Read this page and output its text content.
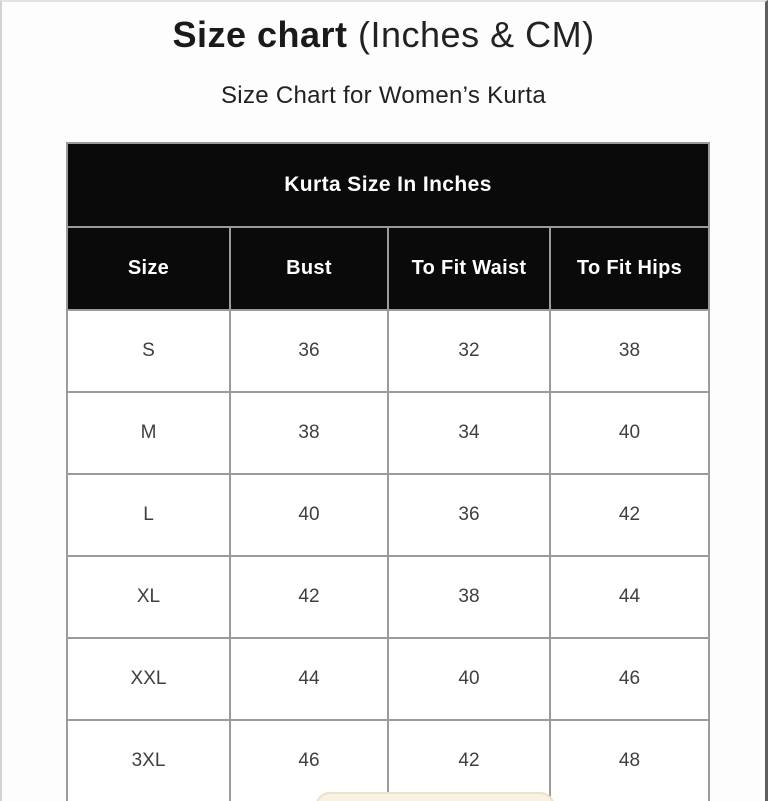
Size chart (Inches & CM)
Size Chart for Women’s Kurta
Kurta Size In Inches			
Size	Bust	To Fit Waist	To Fit Hips
S	36	32	38
M	38	34	40
L	40	36	42
XL	42	38	44
XXL	44	40	46
3XL	46	42	48
